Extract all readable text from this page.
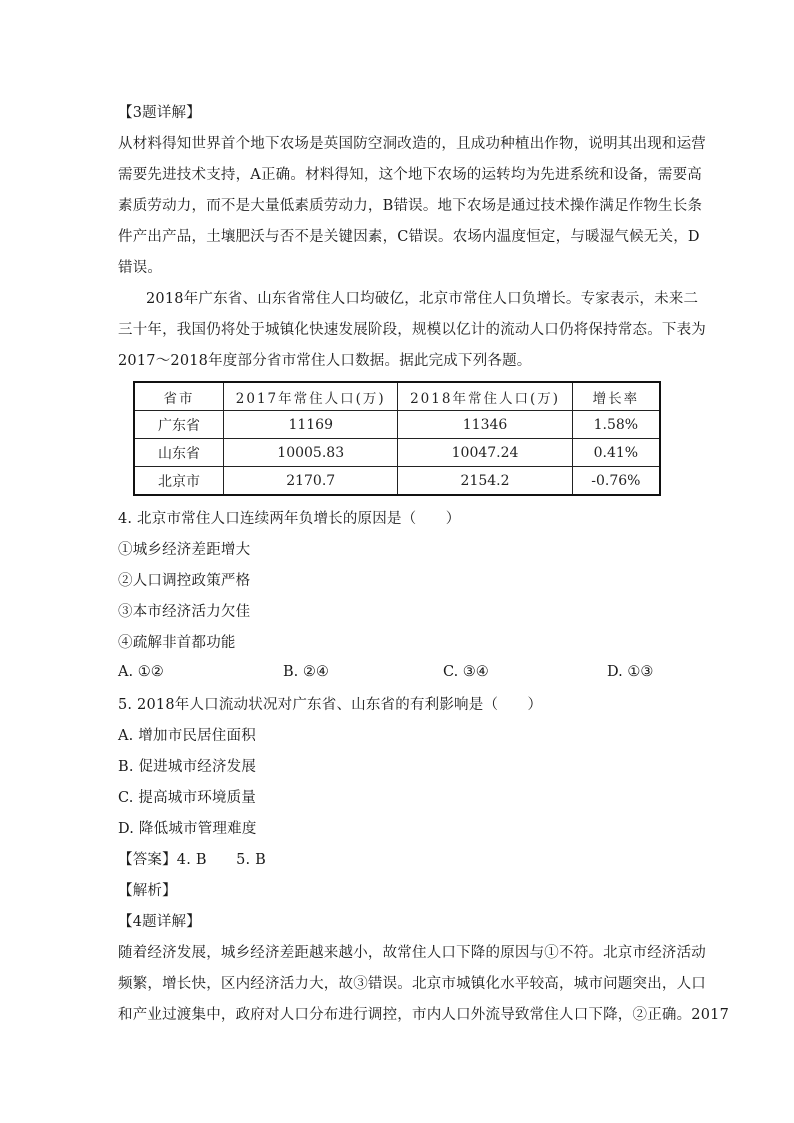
【3题详解】
从材料得知世界首个地下农场是英国防空洞改造的，且成功种植出作物，说明其出现和运营
需要先进技术支持，A正确。材料得知，这个地下农场的运转均为先进系统和设备，需要高
素质劳动力，而不是大量低素质劳动力，B错误。地下农场是通过技术操作满足作物生长条
件产出产品，土壤肥沃与否不是关键因素，C错误。农场内温度恒定，与暖湿气候无关，D
错误。
2018年广东省、山东省常住人口均破亿，北京市常住人口负增长。专家表示，未来二
三十年，我国仍将处于城镇化快速发展阶段，规模以亿计的流动人口仍将保持常态。下表为
2017～2018年度部分省市常住人口数据。据此完成下列各题。
省市	2017年常住人口(万)	2018年常住人口(万)	增长率
广东省	11169	11346	1.58%
山东省	10005.83	10047.24	0.41%
北京市	2170.7	2154.2	-0.76%
4. 北京市常住人口连续两年负增长的原因是（　　）
①城乡经济差距增大
②人口调控政策严格
③本市经济活力欠佳
④疏解非首都功能
A. ①②	B. ②④	C. ③④	D. ①③
5. 2018年人口流动状况对广东省、山东省的有利影响是（　　）
A. 增加市民居住面积
B. 促进城市经济发展
C. 提高城市环境质量
D. 降低城市管理难度
【答案】4. B　　5. B
【解析】
【4题详解】
随着经济发展，城乡经济差距越来越小，故常住人口下降的原因与①不符。北京市经济活动
频繁，增长快，区内经济活力大，故③错误。北京市城镇化水平较高，城市问题突出，人口
和产业过渡集中，政府对人口分布进行调控，市内人口外流导致常住人口下降，②正确。2017
